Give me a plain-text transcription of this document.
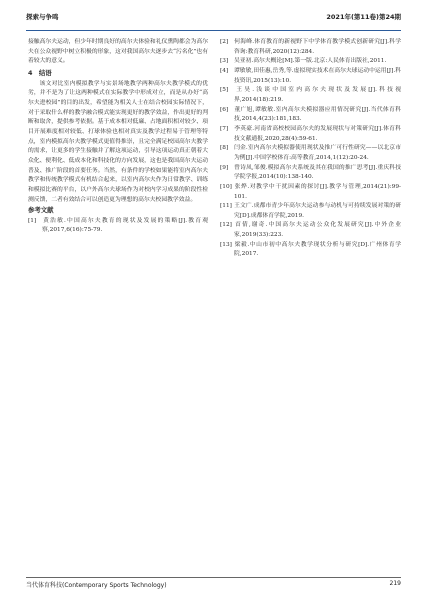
探索与争鸣	2021年(第11卷)第24期

接触高尔夫运动，但少年时期良好的高尔夫体验和礼仪熏陶都会为高尔夫在公众视野中树立积极的形象，这对我国高尔夫逐步去“污名化”也有着较大的意义。

4　结语

该文对比室内模拟教学与实景场地教学两种高尔夫教学模式的优劣，并不是为了让这两种模式在实际教学中形成对立，而是从办好“高尔夫进校园”的目的出发，希望能为相关人士在结合校园实际情况下，对于采取什么样的教学融合模式能实现更好的教学效益，作出更好的判断和取舍，提供参考依据。基于成本相对低廉、占地面积相对较少、项目开展难度相对较低、打球体验也相对真实及教学过程易于管理等特点，室内模拟高尔夫教学模式更值得推崇，且完全满足校园高尔夫教学的需求，让更多的学生接触并了解这项运动，引导这项运动真正朝着大众化、便利化、低成本化和科技化的方向发展，这也是我国高尔夫运动普及、推广阶段的首要任务。当然，有条件的学校如果能将室内高尔夫教学和传统教学模式有机结合起来，以室内高尔夫作为日常教学、训练和模拟比赛的平台，以户外高尔夫球场作为对校内学习成果的阶段性检测反馈，二者有效结合可以创造更为理想的高尔夫校园教学效益。

参考文献

[1] 黄浩敏.中国高尔夫教育的现状及发展的策略[J].教育观察,2017,6(16):75-79.

[2] 何海峰.体育教育的新视野下中学体育教学模式创新研究[J].科学咨询:教育科研,2020(12):284.

[3] 吴亚初.高尔夫概论[M].第一版.北京:人民体育出版社,2011.

[4] 谭敏敏,田佳惠,岳秀,等.虚拟现实技术在高尔夫球运动中运用[J].科技资讯,2015(13):10.

[5] 王昊.浅谈中国室内高尔夫现状及发展[J].科技视界,2014(18):219.

[6] 董广旭,谭敏敏.室内高尔夫模拟器应用情况研究[J].当代体育科技,2014,4(23):181,183.

[7] 李英豪.河南省高校校园高尔夫的发展现状与对策研究[J].体育科技文献通报,2020,28(4):59-61.

[8] 闫金.室内高尔夫模拟器使用现状及推广可行性研究——以北京市为例[J].中国学校体育:高等教育,2014,1(12):20-24.

[9] 曾诗凤,邹俊.模拟高尔夫系统及其在我国的推广思考[J].重庆科技学院学报,2014(10):138-140.

[10] 张烨.对教学中干扰因素的探讨[J].教学与管理,2014(21):99-101.

[11] 王文广.成都市青少年高尔夫运动参与动机与可持续发展对策的研究[D].成都体育学院,2019.

[12] 首倩,谢奇.中国高尔夫运动公众化发展研究[J].中外企业家,2019(33):223.

[13] 梁毅.中山市初中高尔夫教学现状分析与研究[D].广州体育学院,2017.

当代体育科技(Contemporary Sports Technology)	219
